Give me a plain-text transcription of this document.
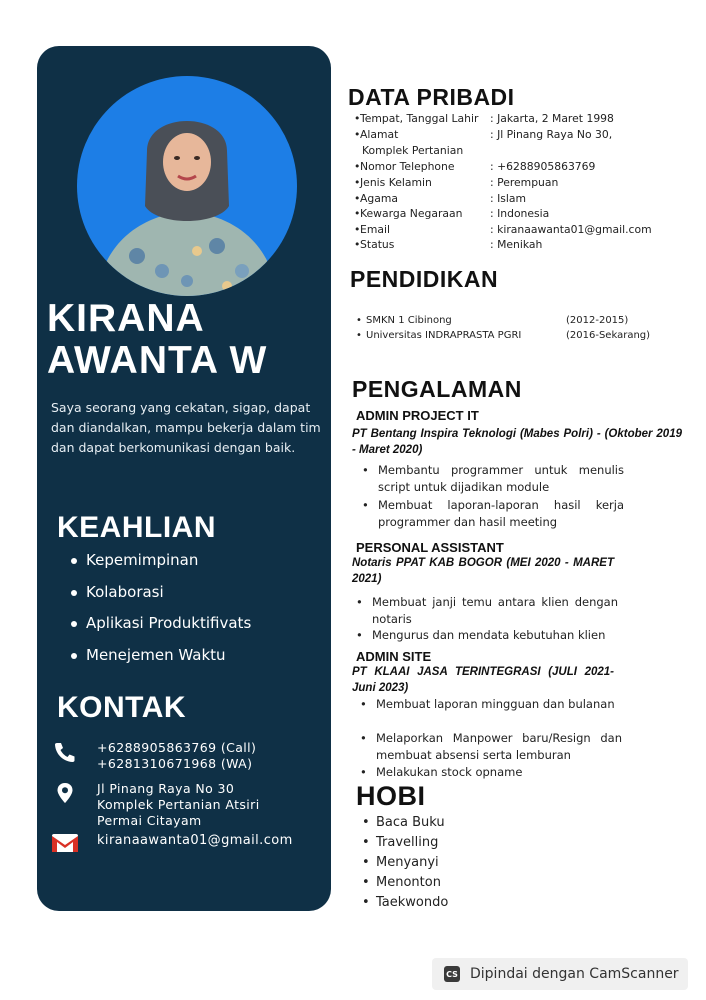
KIRANA
AWANTA W
Saya seorang yang cekatan, sigap, dapat dan diandalkan, mampu bekerja dalam tim dan dapat berkomunikasi dengan baik.
KEAHLIAN
Kepemimpinan
Kolaborasi
Aplikasi Produktifivats
Menejemen Waktu
KONTAK
+6288905863769 (Call)
+6281310671968 (WA)
Jl Pinang Raya No 30
Komplek Pertanian Atsiri
Permai Citayam
kiranaawanta01@gmail.com
DATA PRIBADI
• Tempat, Tanggal Lahir	: Jakarta, 2 Maret 1998
• Alamat	: Jl Pinang Raya No 30,
Komplek Pertanian
• Nomor Telephone	: +6288905863769
• Jenis Kelamin	: Perempuan
• Agama	: Islam
• Kewarga Negaraan	: Indonesia
• Email	: kiranaawanta01@gmail.com
• Status	: Menikah
PENDIDIKAN
• SMKN 1 Cibinong	(2012-2015)
• Universitas INDRAPRASTA PGRI	(2016-Sekarang)
PENGALAMAN
ADMIN PROJECT IT
PT Bentang Inspira Teknologi (Mabes Polri) - (Oktober 2019 - Maret 2020)
• Membantu programmer untuk menulis script untuk dijadikan module
• Membuat laporan-laporan hasil kerja programmer dan hasil meeting
PERSONAL ASSISTANT
Notaris PPAT KAB BOGOR (MEI 2020 - MARET 2021)
• Membuat janji temu antara klien dengan notaris
• Mengurus dan mendata kebutuhan klien
ADMIN SITE
PT KLAAI JASA TERINTEGRASI (JULI 2021- Juni 2023)
• Membuat laporan mingguan dan bulanan
• Melaporkan Manpower baru/Resign dan membuat absensi serta lemburan
• Melakukan stock opname
HOBI
• Baca Buku
• Travelling
• Menyanyi
• Menonton
• Taekwondo
CS Dipindai dengan CamScanner
